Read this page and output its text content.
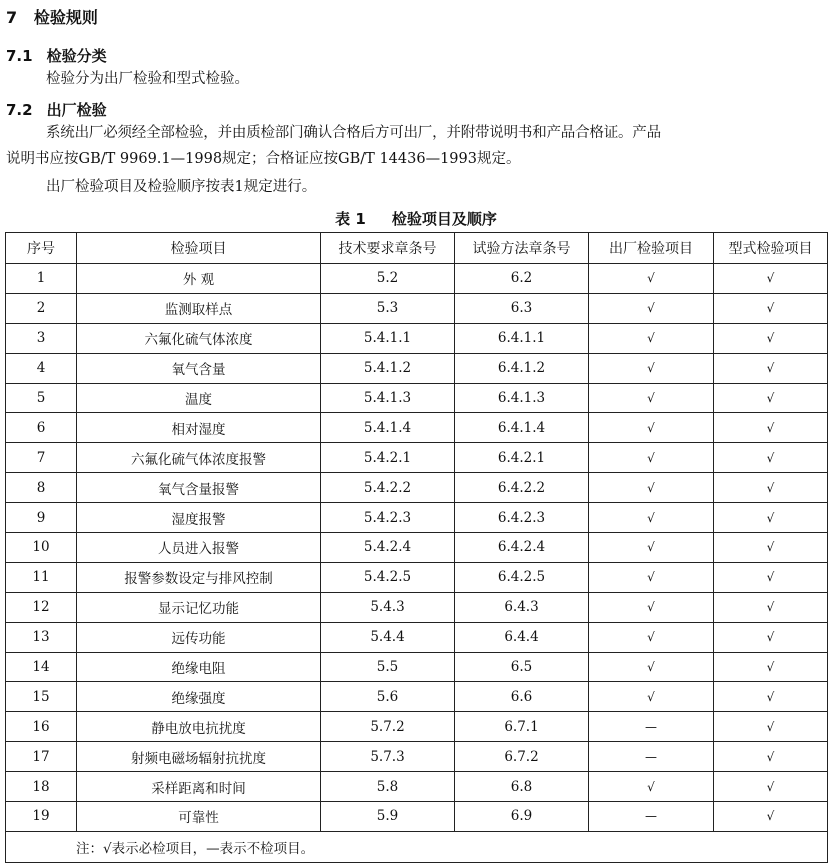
7 检验规则
7.1 检验分类
检验分为出厂检验和型式检验。
7.2 出厂检验
系统出厂必须经全部检验，并由质检部门确认合格后方可出厂，并附带说明书和产品合格证。产品
说明书应按GB/T 9969.1—1998规定；合格证应按GB/T 14436—1993规定。
出厂检验项目及检验顺序按表1规定进行。
表 1 检验项目及顺序
序号	检验项目	技术要求章条号	试验方法章条号	出厂检验项目	型式检验项目
1	外 观	5.2	6.2	√	√
2	监测取样点	5.3	6.3	√	√
3	六氟化硫气体浓度	5.4.1.1	6.4.1.1	√	√
4	氧气含量	5.4.1.2	6.4.1.2	√	√
5	温度	5.4.1.3	6.4.1.3	√	√
6	相对湿度	5.4.1.4	6.4.1.4	√	√
7	六氟化硫气体浓度报警	5.4.2.1	6.4.2.1	√	√
8	氧气含量报警	5.4.2.2	6.4.2.2	√	√
9	湿度报警	5.4.2.3	6.4.2.3	√	√
10	人员进入报警	5.4.2.4	6.4.2.4	√	√
11	报警参数设定与排风控制	5.4.2.5	6.4.2.5	√	√
12	显示记忆功能	5.4.3	6.4.3	√	√
13	远传功能	5.4.4	6.4.4	√	√
14	绝缘电阻	5.5	6.5	√	√
15	绝缘强度	5.6	6.6	√	√
16	静电放电抗扰度	5.7.2	6.7.1	—	√
17	射频电磁场辐射抗扰度	5.7.3	6.7.2	—	√
18	采样距离和时间	5.8	6.8	√	√
19	可靠性	5.9	6.9	—	√
注：√表示必检项目，—表示不检项目。					
